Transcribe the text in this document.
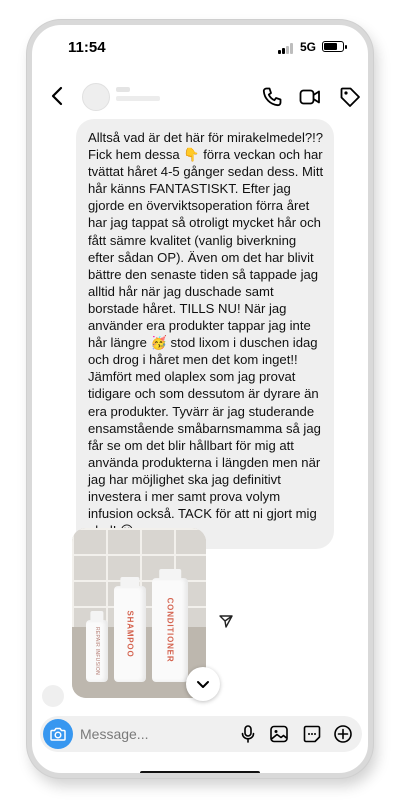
11:54	5G
Alltså vad är det här för mirakelmedel?!? Fick hem dessa 👇 förra veckan och har tvättat håret 4-5 gånger sedan dess. Mitt hår känns FANTASTISKT. Efter jag gjorde en överviktsoperation förra året har jag tappat så otroligt mycket hår och fått sämre kvalitet (vanlig biverkning efter sådan OP). Även om det har blivit bättre den senaste tiden så tappade jag alltid hår när jag duschade samt borstade håret. TILLS NU! När jag använder era produkter tappar jag inte hår längre 🥳 stod lixom i duschen idag och drog i håret men det kom inget!! Jämfört med olaplex som jag provat tidigare och som dessutom är dyrare än era produkter. Tyvärr är jag studerande ensamstående småbarnsmamma så jag får se om det blir hållbart för mig att använda produkterna i längden men när jag har möjlighet ska jag definitivt investera i mer samt prova volym infusion också. TACK för att ni gjort mig
REPAIR INFUSION	SHAMPOO	CONDITIONER
Message...
